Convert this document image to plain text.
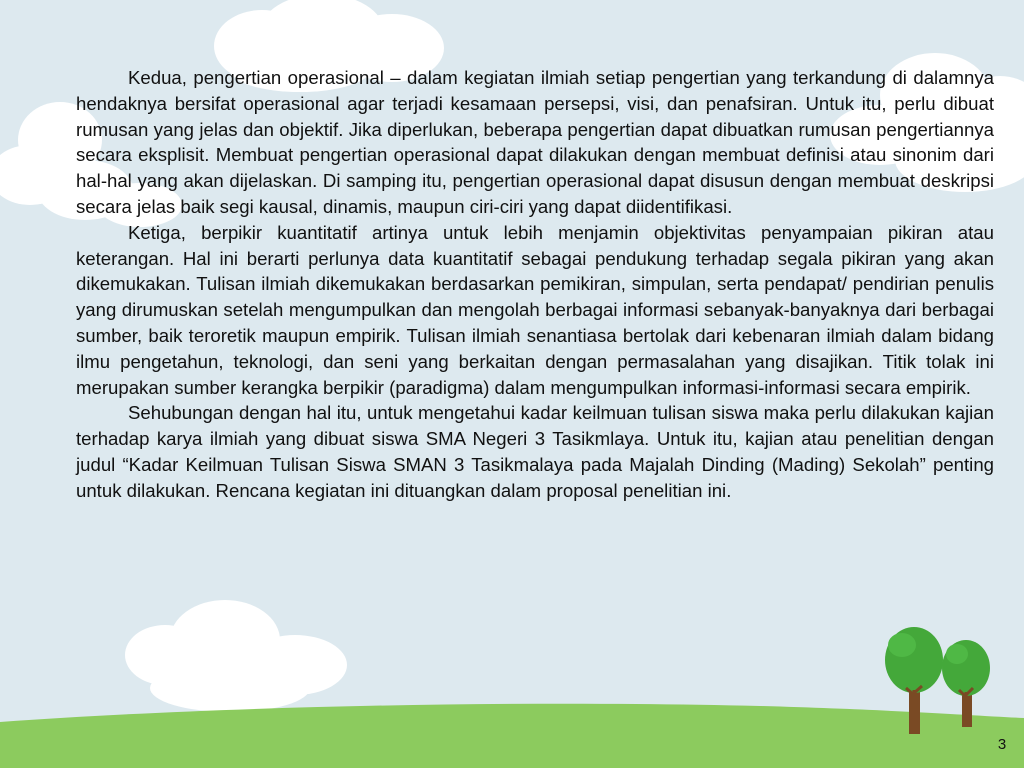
Kedua, pengertian operasional – dalam kegiatan ilmiah setiap pengertian yang terkandung di dalamnya hendaknya bersifat operasional agar terjadi kesamaan persepsi, visi, dan penafsiran. Untuk itu, perlu dibuat rumusan yang jelas dan objektif. Jika diperlukan, beberapa pengertian dapat dibuatkan rumusan pengertiannya secara eksplisit. Membuat pengertian operasional dapat dilakukan dengan membuat definisi atau sinonim dari hal-hal yang akan dijelaskan. Di samping itu, pengertian operasional dapat disusun dengan membuat deskripsi secara jelas baik segi kausal, dinamis, maupun ciri-ciri yang dapat diidentifikasi.

Ketiga, berpikir kuantitatif artinya untuk lebih menjamin objektivitas penyampaian pikiran atau keterangan. Hal ini berarti perlunya data kuantitatif sebagai pendukung terhadap segala pikiran yang akan dikemukakan. Tulisan ilmiah dikemukakan berdasarkan pemikiran, simpulan, serta pendapat/ pendirian penulis yang dirumuskan setelah mengumpulkan dan mengolah berbagai informasi sebanyak-banyaknya dari berbagai sumber, baik teroretik maupun empirik. Tulisan ilmiah senantiasa bertolak dari kebenaran ilmiah dalam bidang ilmu pengetahun, teknologi, dan seni yang berkaitan dengan permasalahan yang disajikan. Titik tolak ini merupakan sumber kerangka berpikir (paradigma) dalam mengumpulkan informasi-informasi secara empirik.

Sehubungan dengan hal itu, untuk mengetahui kadar keilmuan tulisan siswa maka perlu dilakukan kajian terhadap karya ilmiah yang dibuat siswa SMA Negeri 3 Tasikmlaya. Untuk itu, kajian atau penelitian dengan judul “Kadar Keilmuan Tulisan Siswa SMAN 3 Tasikmalaya pada Majalah Dinding (Mading) Sekolah” penting untuk dilakukan. Rencana kegiatan ini dituangkan dalam proposal penelitian ini.

3
